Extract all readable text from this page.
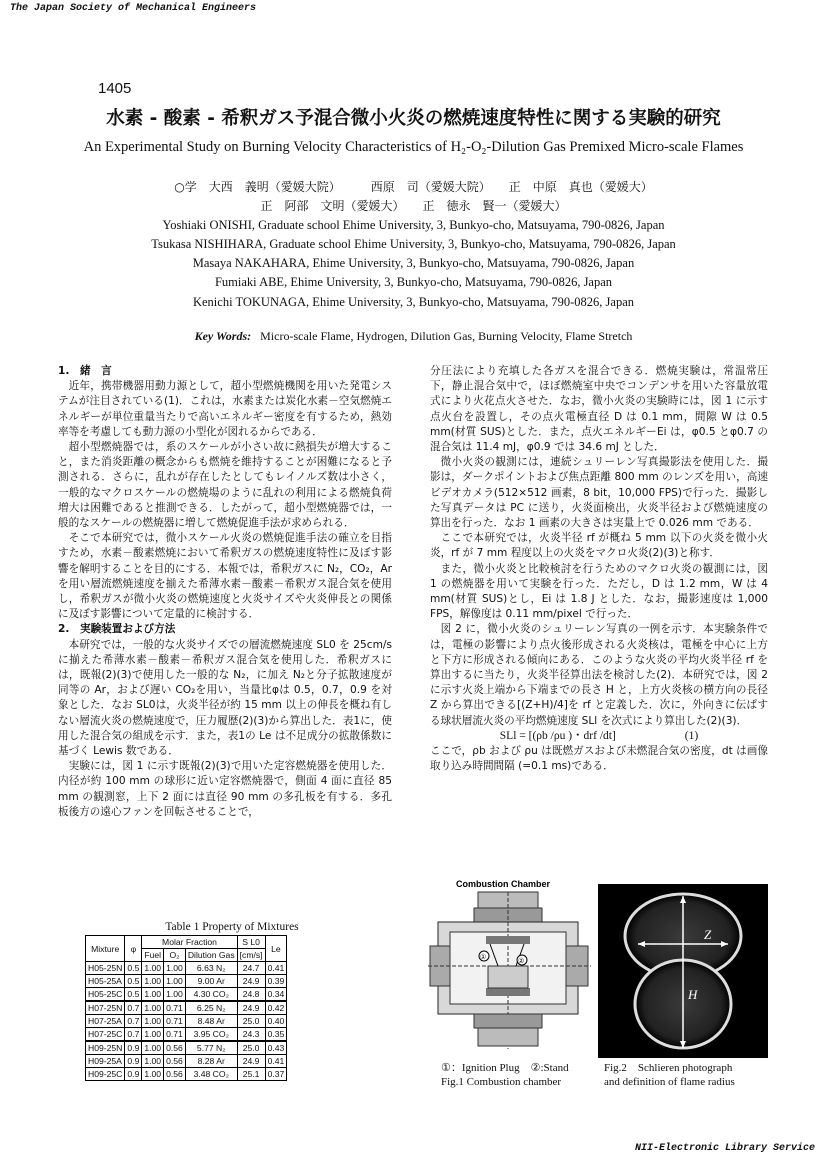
The Japan Society of Mechanical Engineers
1405
水素 - 酸素 - 希釈ガス予混合微小火炎の燃焼速度特性に関する実験的研究
An Experimental Study on Burning Velocity Characteristics of H₂-O₂-Dilution Gas Premixed Micro-scale Flames
○学　大西　義明（愛媛大院）　　　西原　司（愛媛大院）　　正　中原　真也（愛媛大）
正　阿部　文明（愛媛大）　　正　徳永　賢一（愛媛大）
Yoshiaki ONISHI, Graduate school Ehime University, 3, Bunkyo-cho, Matsuyama, 790-0826, Japan
Tsukasa NISHIHARA, Graduate school Ehime University, 3, Bunkyo-cho, Matsuyama, 790-0826, Japan
Masaya NAKAHARA, Ehime University, 3, Bunkyo-cho, Matsuyama, 790-0826, Japan
Fumiaki ABE, Ehime University, 3, Bunkyo-cho, Matsuyama, 790-0826, Japan
Kenichi TOKUNAGA, Ehime University, 3, Bunkyo-cho, Matsuyama, 790-0826, Japan
Key Words: Micro-scale Flame, Hydrogen, Dilution Gas, Burning Velocity, Flame Stretch
1.　緒　言

近年，携帯機器用動力源として，超小型燃焼機関を用いた発電システムが注目されている(1)．これは，水素または炭化水素－空気燃焼エネルギーが単位重量当たりで高いエネルギー密度を有するため，熱効率等を考慮しても動力源の小型化が図れるからである．

超小型燃焼器では，系のスケールが小さい故に熱損失が増大すること，また消炎距離の概念からも燃焼を維持することが困難になると予測される．さらに，乱れが存在したとしてもレイノルズ数は小さく，一般的なマクロスケールの燃焼場のように乱れの利用による燃焼負荷増大は困難であると推測できる．したがって，超小型燃焼器では，一般的なスケールの燃焼器に増して燃焼促進手法が求められる．

そこで本研究では，微小スケール火炎の燃焼促進手法の確立を目指すため，水素－酸素燃焼において希釈ガスの燃焼速度特性に及ぼす影響を解明することを目的にする．本報では，希釈ガスに N₂，CO₂，Ar を用い層流燃焼速度を揃えた希薄水素－酸素－希釈ガス混合気を使用し，希釈ガスが微小火炎の燃焼速度と火炎サイズや火炎伸長との関係に及ぼす影響について定量的に検討する．

2.　実験装置および方法

本研究では，一般的な火炎サイズでの層流燃焼速度 SL0 を 25cm/s に揃えた希薄水素－酸素－希釈ガス混合気を使用した．希釈ガスには，既報(2)(3)で使用した一般的な N₂，に加え N₂と分子拡散速度が同等の Ar，および遅い CO₂を用い，当量比φは 0.5，0.7，0.9 を対象とした．なお SL0は，火炎半径が約 15 mm 以上の伸長を概ね有しない層流火炎の燃焼速度で，圧力履歴(2)(3)から算出した．表1に，使用した混合気の組成を示す．また，表1の Le は不足成分の拡散係数に基づく Lewis 数である．

実験には，図 1 に示す既報(2)(3)で用いた定容燃焼器を使用した．内径が約 100 mm の球形に近い定容燃焼器で，側面 4 面に直径 85 mm の観測窓，上下 2 面には直径 90 mm の多孔板を有する．多孔板後方の遠心ファンを回転させることで，

分圧法により充填した各ガスを混合できる．燃焼実験は，常温常圧下，静止混合気中で，ほぼ燃焼室中央でコンデンサを用いた容量放電式により火花点火させた．なお，微小火炎の実験時には，図 1 に示す点火台を設置し，その点火電極直径 D は 0.1 mm，間隙 W は 0.5 mm(材質 SUS)とした．また，点火エネルギーEi は，φ0.5 とφ0.7 の混合気は 11.4 mJ，φ0.9 では 34.6 mJ とした．

微小火炎の観測には，連続シュリーレン写真撮影法を使用した．撮影は，ダークポイントおよび焦点距離 800 mm のレンズを用い，高速ビデオカメラ(512×512 画素，8 bit，10,000 FPS)で行った．撮影した写真データは PC に送り，火炎面検出，火炎半径および燃焼速度の算出を行った．なお 1 画素の大きさは実量上で 0.026 mm である．

ここで本研究では，火炎半径 rf が概ね 5 mm 以下の火炎を微小火炎，rf が 7 mm 程度以上の火炎をマクロ火炎(2)(3)と称す．

また，微小火炎と比較検討を行うためのマクロ火炎の観測には，図 1 の燃焼器を用いて実験を行った．ただし，D は 1.2 mm，W は 4 mm(材質 SUS)とし，Ei は 1.8 J とした．なお，撮影速度は 1,000 FPS，解像度は 0.11 mm/pixel で行った．

図 2 に，微小火炎のシュリーレン写真の一例を示す．本実験条件では，電極の影響により点火後形成される火炎核は，電極を中心に上方と下方に形成される傾向にある．このような火炎の平均火炎半径 rf を算出するに当たり，火炎半径算出法を検討した(2)．本研究では，図 2 に示す火炎上端から下端までの長さ H と，上方火炎核の横方向の長径 Z から算出できる[(Z+H)/4]を rf と定義した．次に，外向きに伝ぱする球状層流火炎の平均燃焼速度 SLl を次式により算出した(2)(3)．

SLl = [(ρb /ρu )・drf /dt]　　　　　　(1)

ここで，ρb および ρu は既燃ガスおよび未燃混合気の密度，dt は画像取り込み時間間隔 (=0.1 ms)である．

Table 1 Property of Mixtures
Mixture	φ	Molar Fraction			S L0	Le
		Fuel	O₂	Dilution Gas	[cm/s]	
H05-25N	0.5	1.00	1.00	6.63 N₂	24.7	0.41
H05-25A	0.5	1.00	1.00	9.00 Ar	24.9	0.39
H05-25C	0.5	1.00	1.00	4.30 CO₂	24.8	0.34
H07-25N	0.7	1.00	0.71	6.25 N₂	24.9	0.42
H07-25A	0.7	1.00	0.71	8.48 Ar	25.0	0.40
H07-25C	0.7	1.00	0.71	3.95 CO₂	24.3	0.35
H09-25N	0.9	1.00	0.56	5.77 N₂	25.0	0.43
H09-25A	0.9	1.00	0.56	8.28 Ar	24.9	0.41
H09-25C	0.9	1.00	0.56	3.48 CO₂	25.1	0.37
Combustion Chamber
①	②
①：Ignition Plug　②:Stand
Fig.1 Combustion chamber
Z
H
Fig.2　Schlieren photograph
and definition of flame radius
NII-Electronic Library Service
